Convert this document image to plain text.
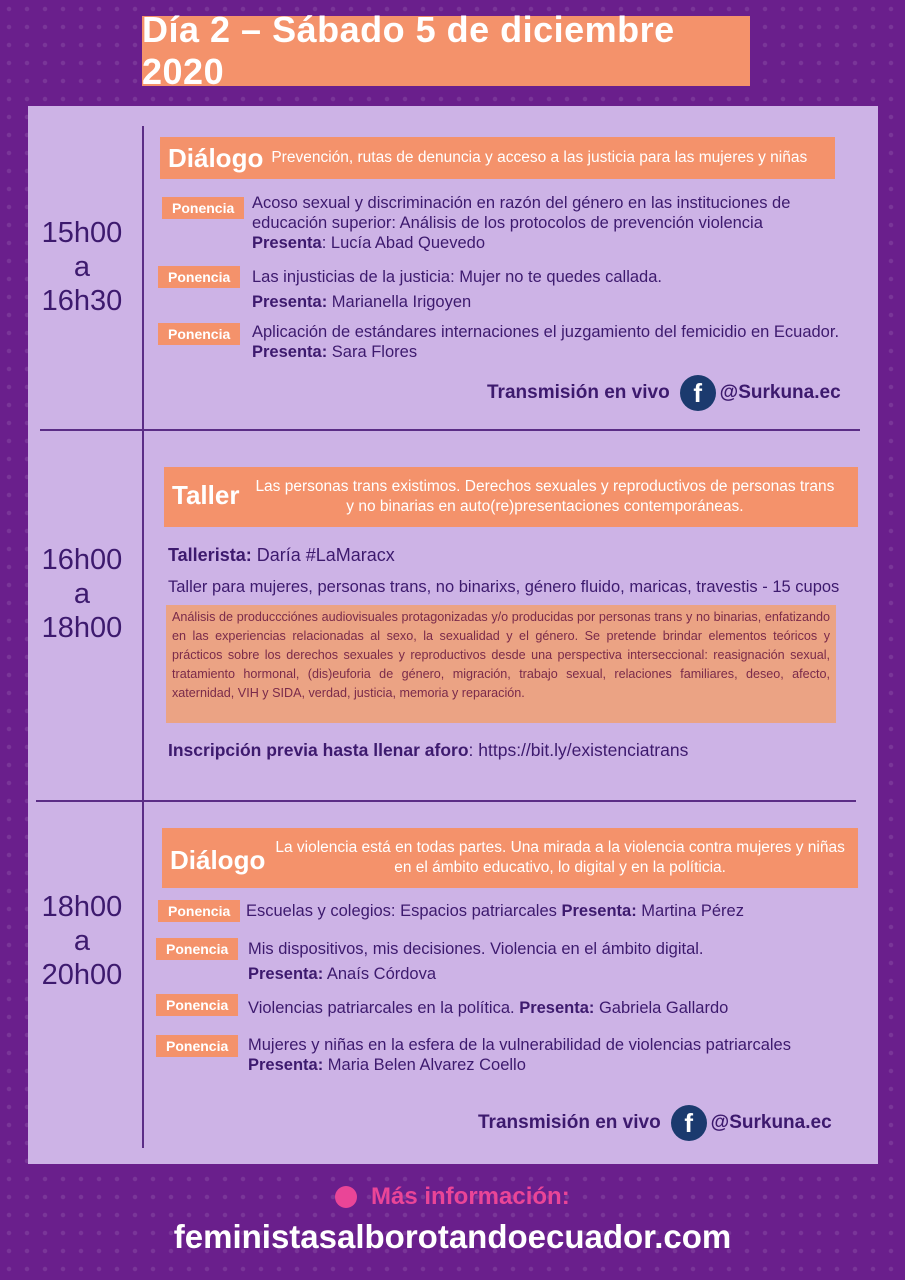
Día 2 – Sábado 5 de diciembre 2020
15h00
a
16h30
Diálogo Prevención, rutas de denuncia y acceso a las justicia para las mujeres y niñas
Ponencia	Acoso sexual y discriminación en razón del género en las instituciones de
educación superior: Análisis de los protocolos de prevención violencia
Presenta: Lucía Abad Quevedo
Ponencia	Las injusticias de la justicia: Mujer no te quedes callada.
Presenta: Marianella Irigoyen
Ponencia	Aplicación de estándares internaciones el juzgamiento del femicidio en Ecuador.
Presenta: Sara Flores
Transmisión en vivo f @Surkuna.ec
16h00
a
18h00
Taller Las personas trans existimos. Derechos sexuales y reproductivos de personas trans
y no binarias en auto(re)presentaciones contemporáneas.
Tallerista: Daría #LaMaracx
Taller para mujeres, personas trans, no binarixs, género fluido, maricas, travestis - 15 cupos
Análisis de produccciónes audiovisuales protagonizadas y/o producidas por personas trans y no binarias, enfatizando en las experiencias relacionadas al sexo, la sexualidad y el género. Se pretende brindar elementos teóricos y prácticos sobre los derechos sexuales y reproductivos desde una perspectiva interseccional: reasignación sexual, tratamiento hormonal, (dis)euforia de género, migración, trabajo sexual, relaciones familiares, deseo, afecto, xaternidad, VIH y SIDA, verdad, justicia, memoria y reparación.
Inscripción previa hasta llenar aforo: https://bit.ly/existenciatrans
18h00
a
20h00
Diálogo La violencia está en todas partes. Una mirada a la violencia contra mujeres y niñas
en el ámbito educativo, lo digital y en la políticia.
Ponencia Escuelas y colegios: Espacios patriarcales Presenta: Martina Pérez
Ponencia	Mis dispositivos, mis decisiones. Violencia en el ámbito digital.
Presenta: Anaís Córdova
Ponencia	Violencias patriarcales en la política. Presenta: Gabriela Gallardo
Ponencia	Mujeres y niñas en la esfera de la vulnerabilidad de violencias patriarcales
Presenta: Maria Belen Alvarez Coello
Transmisión en vivo f @Surkuna.ec
Más información:
feministasalborotandoecuador.com
